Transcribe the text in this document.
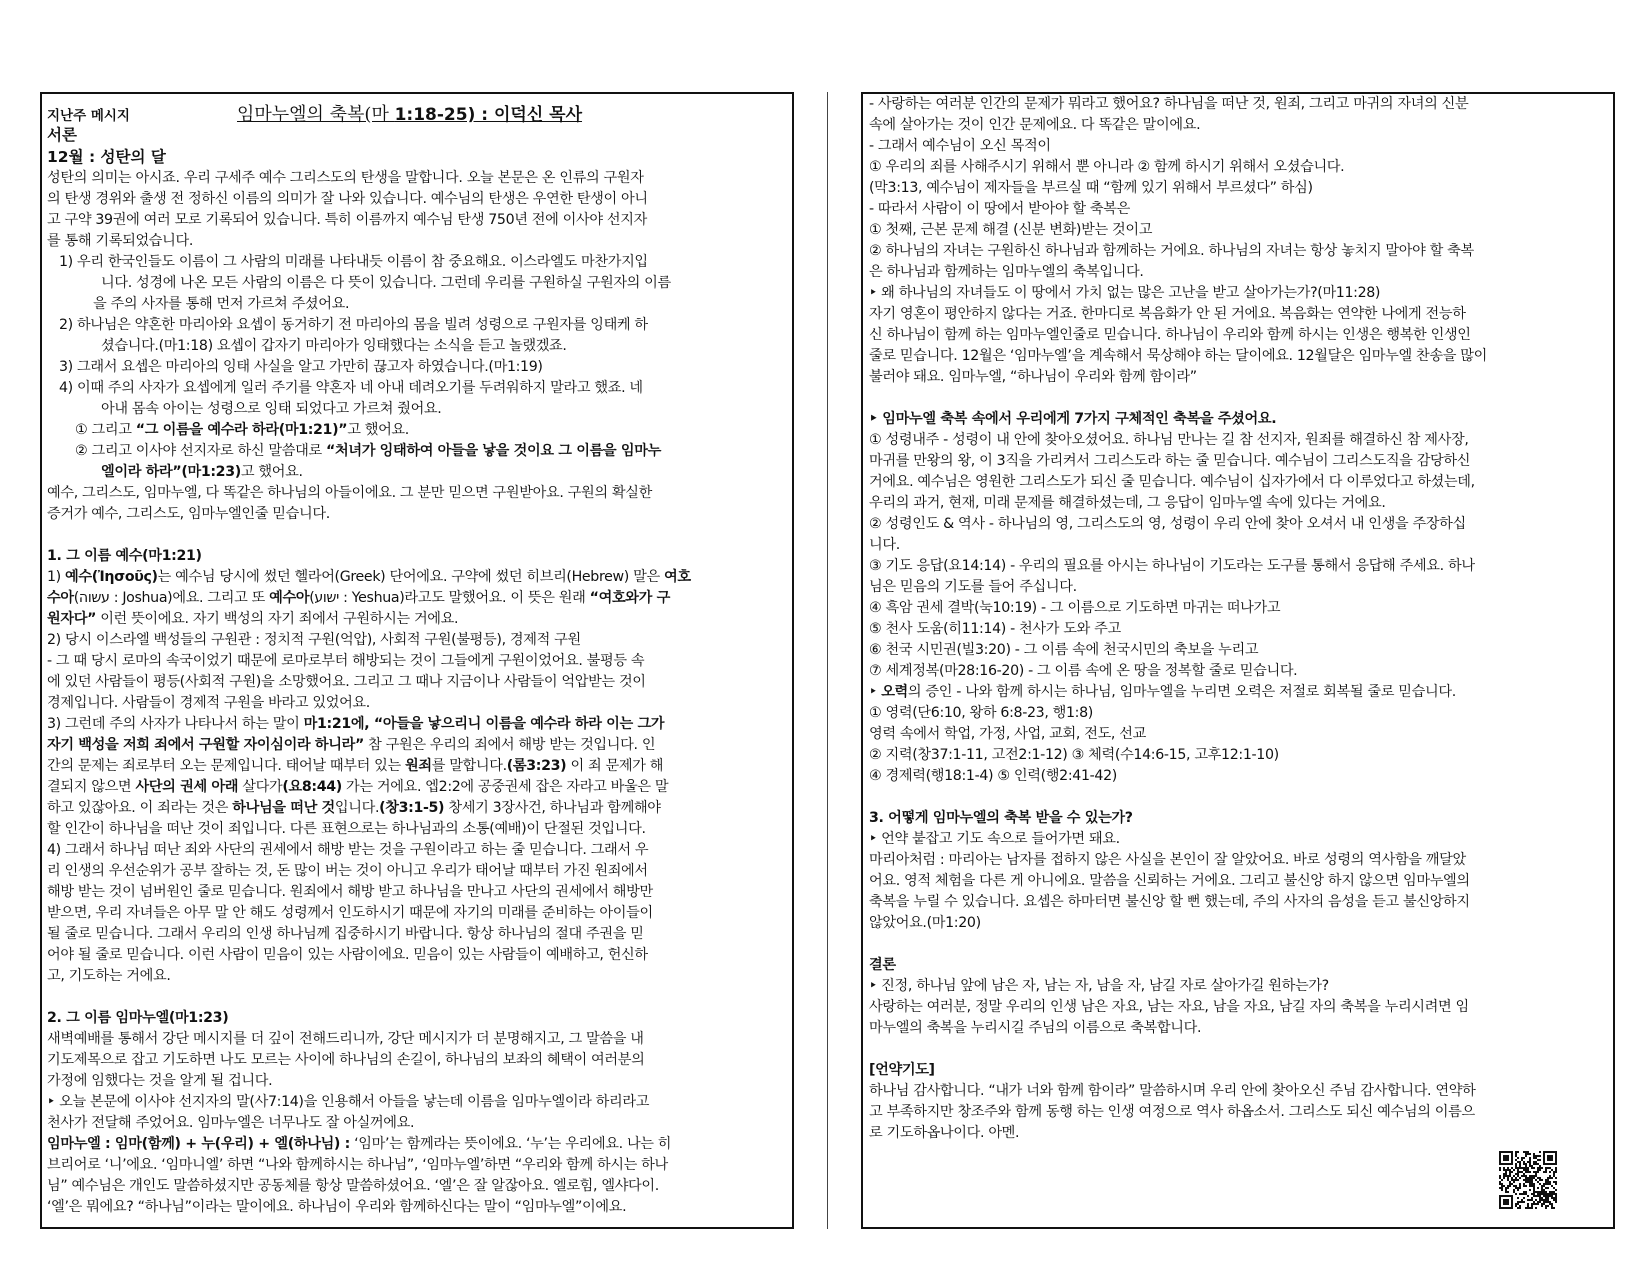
지난주 메시지	임마누엘의 축복(마 1:18-25) : 이덕신 목사
서론
12월 : 성탄의 달
성탄의 의미는 아시죠. 우리 구세주 예수 그리스도의 탄생을 말합니다. 오늘 본문은 온 인류의 구원자
의 탄생 경위와 출생 전 정하신 이름의 의미가 잘 나와 있습니다. 예수님의 탄생은 우연한 탄생이 아니
고 구약 39권에 여러 모로 기록되어 있습니다. 특히 이름까지 예수님 탄생 750년 전에 이사야 선지자
를 통해 기록되었습니다.
1) 우리 한국인들도 이름이 그 사람의 미래를 나타내듯 이름이 참 중요해요. 이스라엘도 마찬가지입
니다. 성경에 나온 모든 사람의 이름은 다 뜻이 있습니다. 그런데 우리를 구원하실 구원자의 이름
을 주의 사자를 통해 먼저 가르쳐 주셨어요.
2) 하나님은 약혼한 마리아와 요셉이 동거하기 전 마리아의 몸을 빌려 성령으로 구원자를 잉태케 하
셨습니다.(마1:18) 요셉이 갑자기 마리아가 잉태했다는 소식을 듣고 놀랬겠죠.
3) 그래서 요셉은 마리아의 잉태 사실을 알고 가만히 끊고자 하였습니다.(마1:19)
4) 이때 주의 사자가 요셉에게 일러 주기를 약혼자 네 아내 데려오기를 두려워하지 말라고 했죠. 네
아내 몸속 아이는 성령으로 잉태 되었다고 가르쳐 줬어요.
① 그리고 “그 이름을 예수라 하라(마1:21)”고 했어요.
② 그리고 이사야 선지자로 하신 말씀대로 “처녀가 잉태하여 아들을 낳을 것이요 그 이름을 임마누
엘이라 하라”(마1:23)고 했어요.
예수, 그리스도, 임마누엘, 다 똑같은 하나님의 아들이에요. 그 분만 믿으면 구원받아요. 구원의 확실한
증거가 예수, 그리스도, 임마누엘인줄 믿습니다.
1. 그 이름 예수(마1:21)
1) 예수(Ἰησοῦς)는 예수님 당시에 썼던 헬라어(Greek) 단어에요. 구약에 썼던 히브리(Hebrew) 말은 여호
수아(עשוה : Joshua)에요. 그리고 또 예수아(ישוע : Yeshua)라고도 말했어요. 이 뜻은 원래 “여호와가 구
원자다” 이런 뜻이에요. 자기 백성의 자기 죄에서 구원하시는 거에요.
2) 당시 이스라엘 백성들의 구원관 : 정치적 구원(억압), 사회적 구원(불평등), 경제적 구원
- 그 때 당시 로마의 속국이었기 때문에 로마로부터 해방되는 것이 그들에게 구원이었어요. 불평등 속
에 있던 사람들이 평등(사회적 구원)을 소망했어요. 그리고 그 때나 지금이나 사람들이 억압받는 것이
경제입니다. 사람들이 경제적 구원을 바라고 있었어요.
3) 그런데 주의 사자가 나타나서 하는 말이 마1:21에, “아들을 낳으리니 이름을 예수라 하라 이는 그가
자기 백성을 저희 죄에서 구원할 자이심이라 하니라” 참 구원은 우리의 죄에서 해방 받는 것입니다. 인
간의 문제는 죄로부터 오는 문제입니다. 태어날 때부터 있는 원죄를 말합니다.(롬3:23) 이 죄 문제가 해
결되지 않으면 사단의 권세 아래 살다가(요8:44) 가는 거에요. 엡2:2에 공중권세 잡은 자라고 바울은 말
하고 있잖아요. 이 죄라는 것은 하나님을 떠난 것입니다.(창3:1-5) 창세기 3장사건, 하나님과 함께해야
할 인간이 하나님을 떠난 것이 죄입니다. 다른 표현으로는 하나님과의 소통(예배)이 단절된 것입니다.
4) 그래서 하나님 떠난 죄와 사단의 권세에서 해방 받는 것을 구원이라고 하는 줄 믿습니다. 그래서 우
리 인생의 우선순위가 공부 잘하는 것, 돈 많이 버는 것이 아니고 우리가 태어날 때부터 가진 원죄에서
해방 받는 것이 넘버원인 줄로 믿습니다. 원죄에서 해방 받고 하나님을 만나고 사단의 권세에서 해방만
받으면, 우리 자녀들은 아무 말 안 해도 성령께서 인도하시기 때문에 자기의 미래를 준비하는 아이들이
될 줄로 믿습니다. 그래서 우리의 인생 하나님께 집중하시기 바랍니다. 항상 하나님의 절대 주권을 믿
어야 될 줄로 믿습니다. 이런 사람이 믿음이 있는 사람이에요. 믿음이 있는 사람들이 예배하고, 헌신하
고, 기도하는 거에요.
2. 그 이름 임마누엘(마1:23)
새벽예배를 통해서 강단 메시지를 더 깊이 전해드리니까, 강단 메시지가 더 분명해지고, 그 말씀을 내
기도제목으로 잡고 기도하면 나도 모르는 사이에 하나님의 손길이, 하나님의 보좌의 혜택이 여러분의
가정에 임했다는 것을 알게 될 겁니다.
‣ 오늘 본문에 이사야 선지자의 말(사7:14)을 인용해서 아들을 낳는데 이름을 임마누엘이라 하리라고
천사가 전달해 주었어요. 임마누엘은 너무나도 잘 아실꺼에요.
임마누엘 : 임마(함께) + 누(우리) + 엘(하나님) : ‘임마’는 함께라는 뜻이에요. ‘누’는 우리에요. 나는 히
브리어로 ‘니’에요. ‘임마니엘’ 하면 “나와 함께하시는 하나님”, ‘임마누엘’하면 “우리와 함께 하시는 하나
님” 예수님은 개인도 말씀하셨지만 공동체를 항상 말씀하셨어요. ‘엘’은 잘 알잖아요. 엘로힘, 엘샤다이.
‘엘’은 뭐에요? “하나님”이라는 말이에요. 하나님이 우리와 함께하신다는 말이 “임마누엘”이에요.
- 사랑하는 여러분 인간의 문제가 뭐라고 했어요? 하나님을 떠난 것, 원죄, 그리고 마귀의 자녀의 신분
속에 살아가는 것이 인간 문제에요. 다 똑같은 말이에요.
- 그래서 예수님이 오신 목적이
① 우리의 죄를 사해주시기 위해서 뿐 아니라 ② 함께 하시기 위해서 오셨습니다.
(막3:13, 예수님이 제자들을 부르실 때 “함께 있기 위해서 부르셨다” 하심)
- 따라서 사람이 이 땅에서 받아야 할 축복은
① 첫째, 근본 문제 해결 (신분 변화)받는 것이고
② 하나님의 자녀는 구원하신 하나님과 함께하는 거에요. 하나님의 자녀는 항상 놓치지 말아야 할 축복
은 하나님과 함께하는 임마누엘의 축복입니다.
‣ 왜 하나님의 자녀들도 이 땅에서 가치 없는 많은 고난을 받고 살아가는가?(마11:28)
자기 영혼이 평안하지 않다는 거죠. 한마디로 복음화가 안 된 거에요. 복음화는 연약한 나에게 전능하
신 하나님이 함께 하는 임마누엘인줄로 믿습니다. 하나님이 우리와 함께 하시는 인생은 행복한 인생인
줄로 믿습니다. 12월은 ‘임마누엘’을 계속해서 묵상해야 하는 달이에요. 12월달은 임마누엘 찬송을 많이
불러야 돼요. 임마누엘, “하나님이 우리와 함께 함이라”
‣ 임마누엘 축복 속에서 우리에게 7가지 구체적인 축복을 주셨어요.
① 성령내주 - 성령이 내 안에 찾아오셨어요. 하나님 만나는 길 참 선지자, 원죄를 해결하신 참 제사장,
마귀를 만왕의 왕, 이 3직을 가리켜서 그리스도라 하는 줄 믿습니다. 예수님이 그리스도직을 감당하신
거에요. 예수님은 영원한 그리스도가 되신 줄 믿습니다. 예수님이 십자가에서 다 이루었다고 하셨는데,
우리의 과거, 현재, 미래 문제를 해결하셨는데, 그 응답이 임마누엘 속에 있다는 거에요.
② 성령인도 & 역사 - 하나님의 영, 그리스도의 영, 성령이 우리 안에 찾아 오셔서 내 인생을 주장하십
니다.
③ 기도 응답(요14:14) - 우리의 필요를 아시는 하나님이 기도라는 도구를 통해서 응답해 주세요. 하나
님은 믿음의 기도를 들어 주십니다.
④ 흑암 권세 결박(눅10:19) - 그 이름으로 기도하면 마귀는 떠나가고
⑤ 천사 도움(히11:14) - 천사가 도와 주고
⑥ 천국 시민권(빌3:20) - 그 이름 속에 천국시민의 축보을 누리고
⑦ 세계정복(마28:16-20) - 그 이름 속에 온 땅을 정복할 줄로 믿습니다.
‣ 오력의 증인 - 나와 함께 하시는 하나님, 임마누엘을 누리면 오력은 저절로 회복될 줄로 믿습니다.
① 영력(단6:10, 왕하 6:8-23, 행1:8)
영력 속에서 학업, 가정, 사업, 교회, 전도, 선교
② 지력(창37:1-11, 고전2:1-12) ③ 체력(수14:6-15, 고후12:1-10)
④ 경제력(행18:1-4) ⑤ 인력(행2:41-42)
3. 어떻게 임마누엘의 축복 받을 수 있는가?
‣ 언약 붙잡고 기도 속으로 들어가면 돼요.
마리아처럼 : 마리아는 남자를 접하지 않은 사실을 본인이 잘 알았어요. 바로 성령의 역사함을 깨달았
어요. 영적 체험을 다른 게 아니에요. 말씀을 신뢰하는 거에요. 그리고 불신앙 하지 않으면 임마누엘의
축복을 누릴 수 있습니다. 요셉은 하마터면 불신앙 할 뻔 했는데, 주의 사자의 음성을 듣고 불신앙하지
않았어요.(마1:20)
결론
‣ 진정, 하나님 앞에 남은 자, 남는 자, 남을 자, 남길 자로 살아가길 원하는가?
사랑하는 여러분, 정말 우리의 인생 남은 자요, 남는 자요, 남을 자요, 남길 자의 축복을 누리시려면 임
마누엘의 축복을 누리시길 주님의 이름으로 축복합니다.
[언약기도]
하나님 감사합니다. “내가 너와 함께 함이라” 말씀하시며 우리 안에 찾아오신 주님 감사합니다. 연약하
고 부족하지만 창조주와 함께 동행 하는 인생 여정으로 역사 하옵소서. 그리스도 되신 예수님의 이름으
로 기도하옵나이다. 아멘.
